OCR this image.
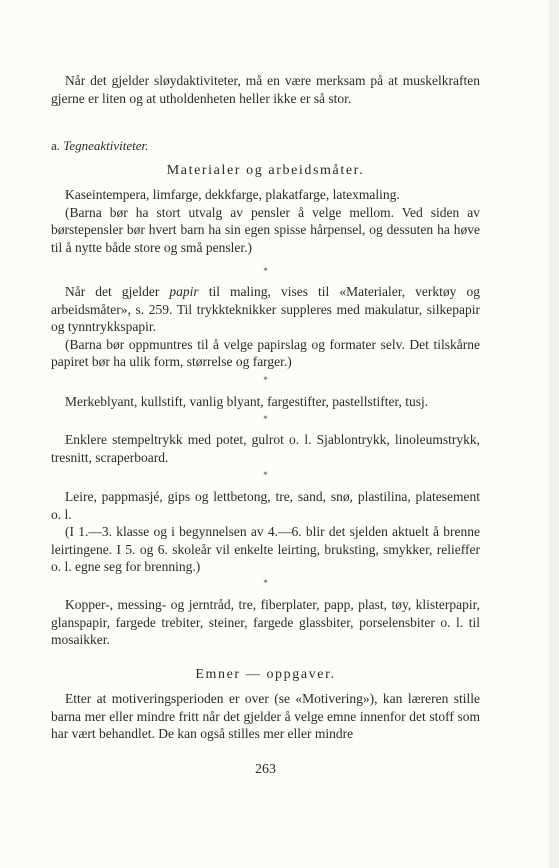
Når det gjelder sløydaktiviteter, må en være merksam på at muskelkraften gjerne er liten og at utholdenheten heller ikke er så stor.

a. Tegneaktiviteter.
Materialer og arbeidsmåter.

Kaseintempera, limfarge, dekkfarge, plakatfarge, latexmaling.

(Barna bør ha stort utvalg av pensler å velge mellom. Ved siden av børstepensler bør hvert barn ha sin egen spisse hårpensel, og dessuten ha høve til å nytte både store og små pensler.)

*

Når det gjelder papir til maling, vises til «Materialer, verktøy og arbeidsmåter», s. 259. Til trykkteknikker suppleres med makulatur, silkepapir og tynntrykkspapir.

(Barna bør oppmuntres til å velge papirslag og formater selv. Det tilskårne papiret bør ha ulik form, størrelse og farger.)

*

Merkeblyant, kullstift, vanlig blyant, fargestifter, pastellstifter, tusj.

*

Enklere stempeltrykk med potet, gulrot o. l. Sjablontrykk, linoleumstrykk, tresnitt, scraperboard.

*

Leire, pappmasjé, gips og lettbetong, tre, sand, snø, plastilina, platesement o. l.

(I 1.—3. klasse og i begynnelsen av 4.—6. blir det sjelden aktuelt å brenne leirtingene. I 5. og 6. skoleår vil enkelte leirting, bruksting, smykker, relieffer o. l. egne seg for brenning.)

*

Kopper-, messing- og jerntråd, tre, fiberplater, papp, plast, tøy, klisterpapir, glanspapir, fargede trebiter, steiner, fargede glassbiter, porselensbiter o. l. til mosaikker.

Emner — oppgaver.

Etter at motiveringsperioden er over (se «Motivering»), kan læreren stille barna mer eller mindre fritt når det gjelder å velge emne innenfor det stoff som har vært behandlet. De kan også stilles mer eller mindre

263
